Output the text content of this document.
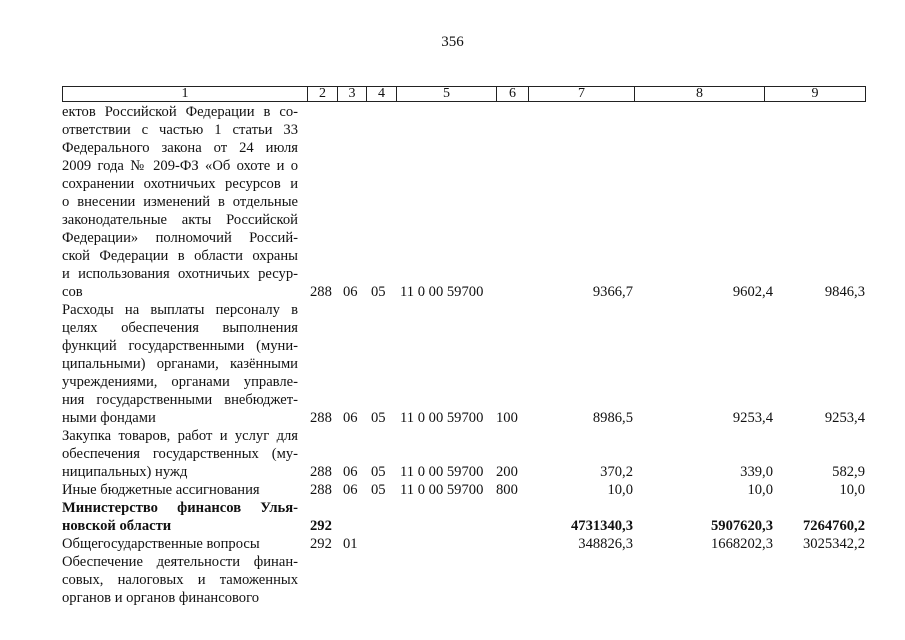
356
1	2	3	4	5	6	7	8	9
ектов Российской Федерации в со-
ответствии с частью 1 статьи 33
Федерального закона от 24 июля
2009 года № 209-ФЗ «Об охоте и о
сохранении охотничьих ресурсов и
о внесении изменений в отдельные
законодательные акты Российской
Федерации» полномочий Россий-
ской Федерации в области охраны
и использования охотничьих ресур-
сов	288 06 05 11 0 00 59700	9366,7	9602,4	9846,3
Расходы на выплаты персоналу в
целях обеспечения выполнения
функций государственными (муни-
ципальными) органами, казёнными
учреждениями, органами управле-
ния государственными внебюджет-
ными фондами	288 06 05 11 0 00 59700 100	8986,5	9253,4	9253,4
Закупка товаров, работ и услуг для
обеспечения государственных (му-
ниципальных) нужд	288 06 05 11 0 00 59700 200	370,2	339,0	582,9
Иные бюджетные ассигнования	288 06 05 11 0 00 59700 800	10,0	10,0	10,0
Министерство финансов Улья-
новской области	292	4731340,3	5907620,3 7264760,2
Общегосударственные вопросы	292 01	348826,3	1668202,3 3025342,2
Обеспечение деятельности финан-
совых, налоговых и таможенных
органов и органов финансового
